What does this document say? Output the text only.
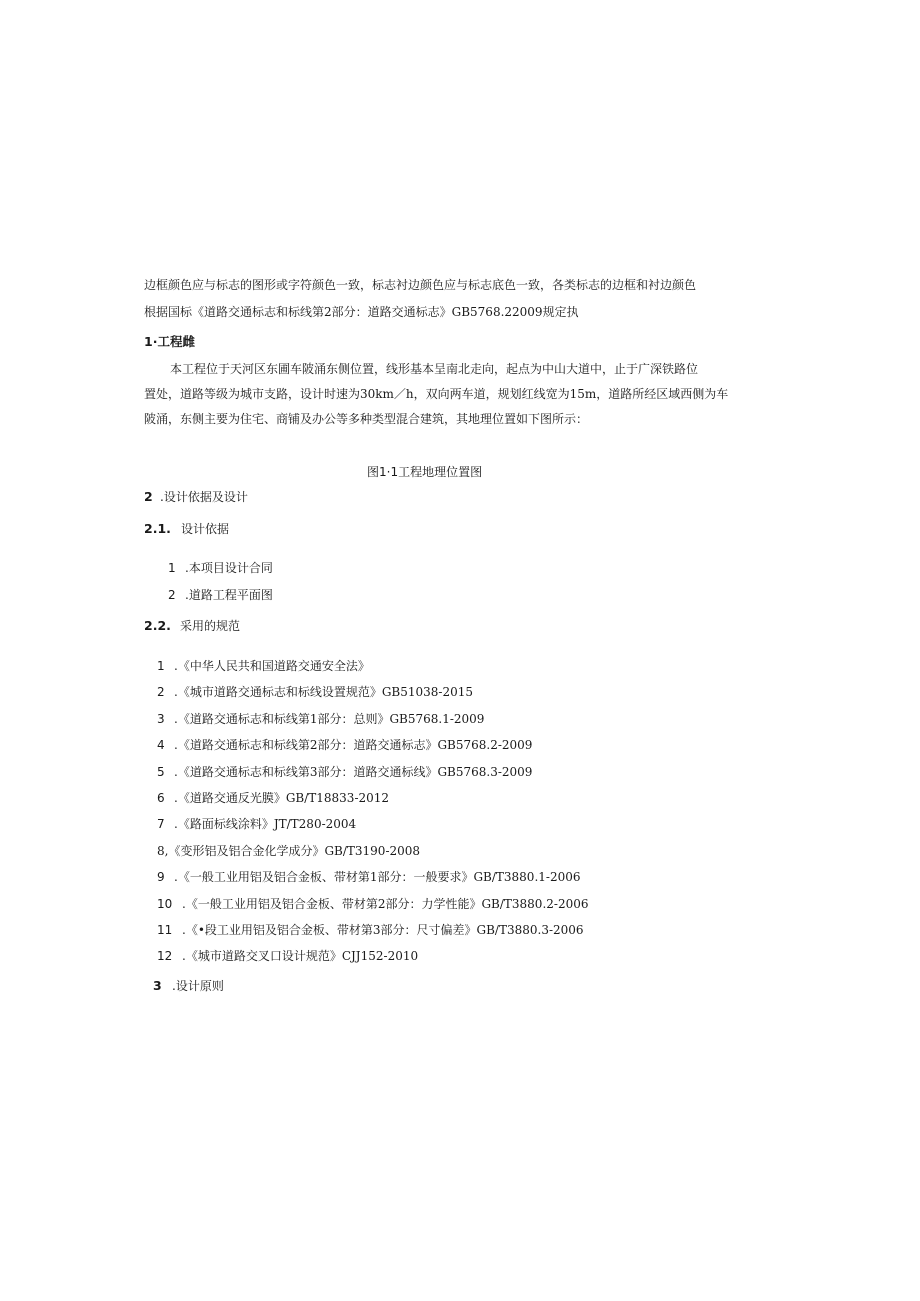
边框颜色应与标志的图形或字符颜色一致，标志衬边颜色应与标志底色一致，各类标志的边框和衬边颜色
根据国标《道路交通标志和标线第2部分：道路交通标志》GB5768.22009规定执
1·工程雌
本工程位于天河区东圃车陂涌东侧位置，线形基本呈南北走向，起点为中山大道中，止于广深铁路位
置处，道路等级为城市支路，设计时速为30km／h，双向两车道，规划红线宽为15m，道路所经区域西侧为车
陂涌，东侧主要为住宅、商铺及办公等多种类型混合建筑，其地理位置如下图所示：
图1·1工程地理位置图
2 .设计依据及设计
2.1. 设计依据
1 .本项目设计合同
2 .道路工程平面图
2.2. 采用的规范
1 .《中华人民共和国道路交通安全法》
2 .《城市道路交通标志和标线设置规范》GB51038-2015
3 .《道路交通标志和标线第1部分：总则》GB5768.1-2009
4 .《道路交通标志和标线第2部分：道路交通标志》GB5768.2-2009
5 .《道路交通标志和标线第3部分：道路交通标线》GB5768.3-2009
6 .《道路交通反光膜》GB/T18833-2012
7 .《路面标线涂料》JT/T280-2004
8,《变形铝及铝合金化学成分》GB/T3190-2008
9 .《一般工业用铝及铝合金板、带材第1部分：一般要求》GB/T3880.1-2006
10 .《一般工业用铝及铝合金板、带材第2部分：力学性能》GB/T3880.2-2006
11 .《•段工业用铝及铝合金板、带材第3部分：尺寸偏差》GB/T3880.3-2006
12 .《城市道路交叉口设计规范》CJJ152-2010
3 .设计原则
